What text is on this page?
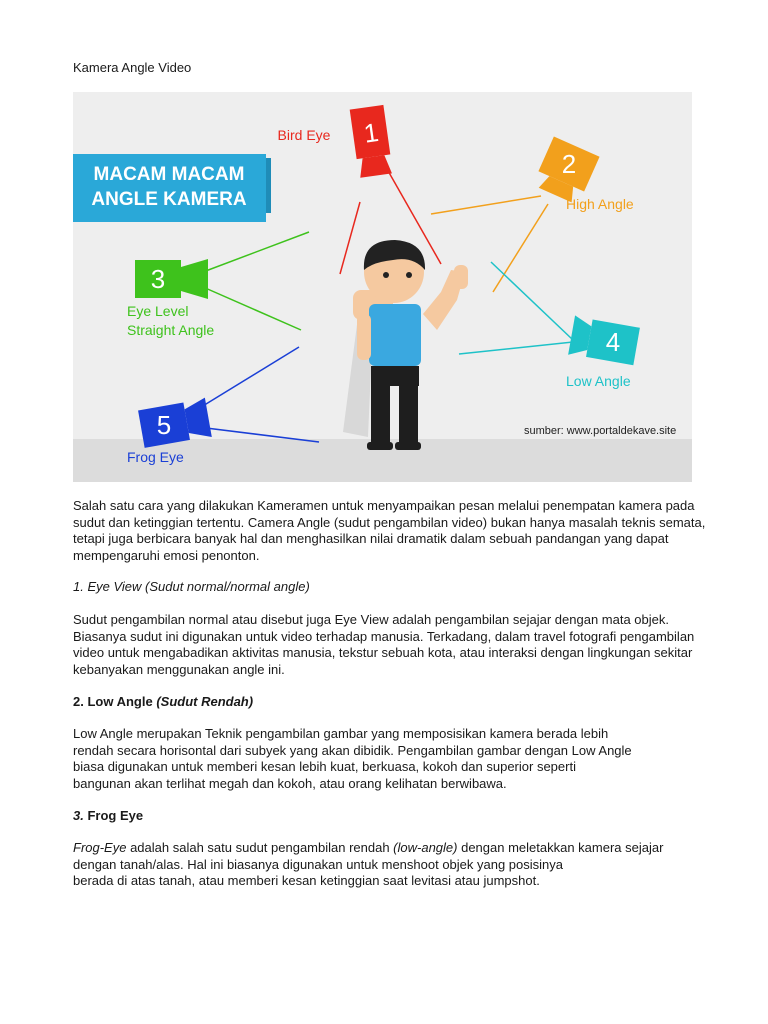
Kamera Angle Video
MACAM MACAM
ANGLE KAMERA
1
Bird Eye
2
High Angle
3
Eye Level
Straight Angle	4
Low Angle
5
Frog Eye
sumber: www.portaldekave.site

Salah satu cara yang dilakukan Kameramen untuk menyampaikan pesan melalui penempatan kamera pada sudut dan ketinggian tertentu. Camera Angle (sudut pengambilan video) bukan hanya masalah teknis semata, tetapi juga berbicara banyak hal dan menghasilkan nilai dramatik dalam sebuah pandangan yang dapat mempengaruhi emosi penonton.

1. Eye View (Sudut normal/normal angle)

Sudut pengambilan normal atau disebut juga Eye View adalah pengambilan sejajar dengan mata objek. Biasanya sudut ini digunakan untuk video terhadap manusia. Terkadang, dalam travel fotografi pengambilan video untuk mengabadikan aktivitas manusia, tekstur sebuah kota, atau interaksi dengan lingkungan sekitar kebanyakan menggunakan angle ini.

2. Low Angle (Sudut Rendah)

Low Angle merupakan Teknik pengambilan gambar yang memposisikan kamera berada lebih
rendah secara horisontal dari subyek yang akan dibidik. Pengambilan gambar dengan Low Angle biasa digunakan untuk memberi kesan lebih kuat, berkuasa, kokoh dan superior seperti
bangunan akan terlihat megah dan kokoh, atau orang kelihatan berwibawa.

3. Frog Eye

Frog-Eye adalah salah satu sudut pengambilan rendah (low-angle) dengan meletakkan kamera sejajar dengan tanah/alas. Hal ini biasanya digunakan untuk menshoot objek yang posisinya
berada di atas tanah, atau memberi kesan ketinggian saat levitasi atau jumpshot.
